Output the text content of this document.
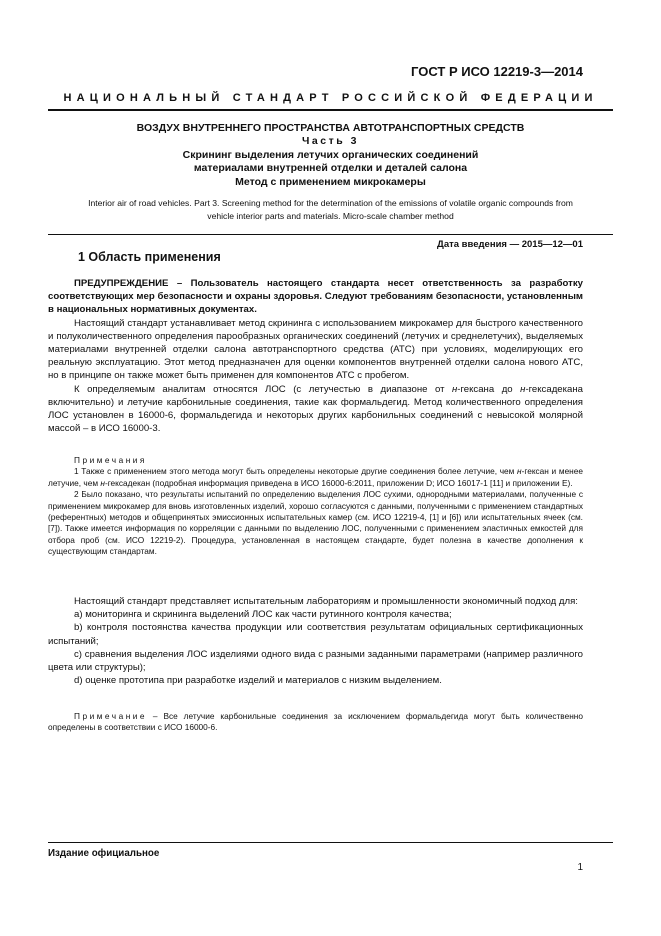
ГОСТ Р ИСО 12219-3—2014
НАЦИОНАЛЬНЫЙ СТАНДАРТ РОССИЙСКОЙ ФЕДЕРАЦИИ
ВОЗДУХ ВНУТРЕННЕГО ПРОСТРАНСТВА АВТОТРАНСПОРТНЫХ СРЕДСТВ
Часть 3
Скрининг выделения летучих органических соединений
материалами внутренней отделки и деталей салона
Метод с применением микрокамеры
Interior air of road vehicles. Part 3. Screening method for the determination of the emissions of volatile organic compounds from
vehicle interior parts and materials. Micro-scale chamber method
Дата введения — 2015—12—01
1 Область применения

ПРЕДУПРЕЖДЕНИЕ – Пользователь настоящего стандарта несет ответственность за разработку соответствующих мер безопасности и охраны здоровья. Следуют требованиям безопасности, установленным в национальных нормативных документах.

Настоящий стандарт устанавливает метод скрининга с использованием микрокамер для быстрого качественного и полуколичественного определения парообразных органических соединений (летучих и среднелетучих), выделяемых материалами внутренней отделки салона автотранспортного средства (АТС) при условиях, моделирующих его реальную эксплуатацию. Этот метод предназначен для оценки компонентов внутренней отделки салона нового АТС, но в принципе он также может быть применен для компонентов АТС с пробегом.

К определяемым аналитам относятся ЛОС (с летучестью в диапазоне от н-гексана до н-гексадекана включительно) и летучие карбонильные соединения, такие как формальдегид. Метод количественного определения ЛОС установлен в 16000-6, формальдегида и некоторых других карбонильных соединений с невысокой молярной массой – в ИСО 16000-3.

Примечания

1 Также с применением этого метода могут быть определены некоторые другие соединения более летучие, чем н-гексан и менее летучие, чем н-гексадекан (подробная информация приведена в ИСО 16000-6:2011, приложении D; ИСО 16017-1 [11] и приложении Е).

2 Было показано, что результаты испытаний по определению выделения ЛОС сухими, однородными материалами, полученные с применением микрокамер для вновь изготовленных изделий, хорошо согласуются с данными, полученными с применением стандартных (референтных) методов и общепринятых эмиссионных испытательных камер (см. ИСО 12219-4, [1] и [6]) или испытательных ячеек (см. [7]). Также имеется информация по корреляции с данными по выделению ЛОС, полученными с применением эластичных емкостей для отбора проб (см. ИСО 12219-2). Процедура, установленная в настоящем стандарте, будет полезна в качестве дополнения к существующим стандартам.

Настоящий стандарт представляет испытательным лабораториям и промышленности экономичный подход для:

a) мониторинга и скрининга выделений ЛОС как части рутинного контроля качества;

b) контроля постоянства качества продукции или соответствия результатам официальных сертификационных испытаний;

c) сравнения выделения ЛОС изделиями одного вида с разными заданными параметрами (например различного цвета или структуры);

d) оценке прототипа при разработке изделий и материалов с низким выделением.

Примечание – Все летучие карбонильные соединения за исключением формальдегида могут быть количественно определены в соответствии с ИСО 16000-6.

Издание официальное
1
